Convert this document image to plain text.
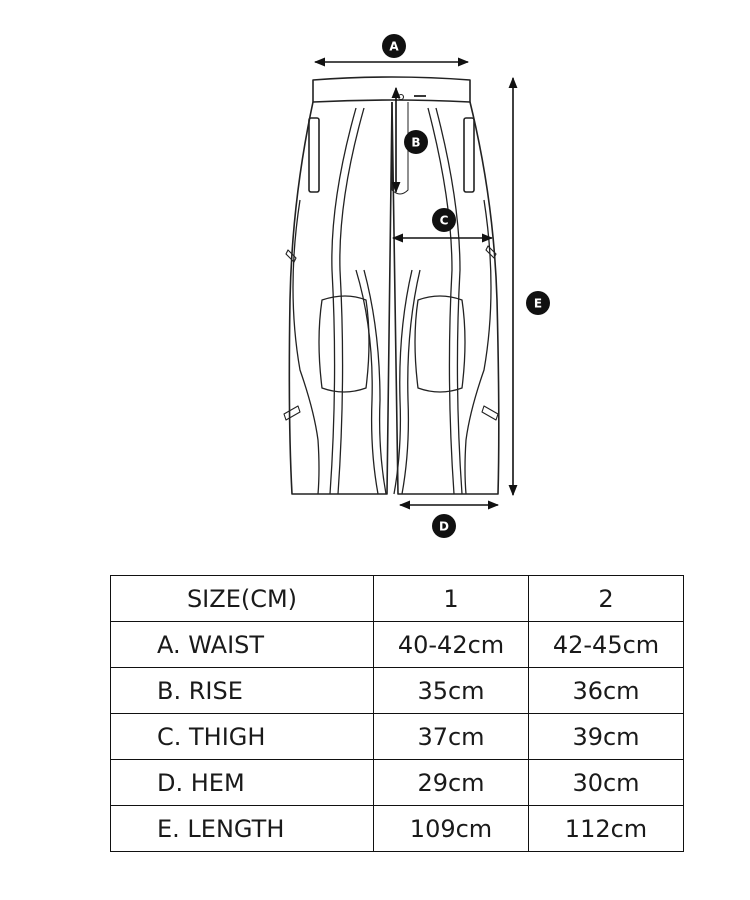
A
B
C
D
E
SIZE(CM)	1	2
A. WAIST	40-42cm	42-45cm
B. RISE	35cm	36cm
C. THIGH	37cm	39cm
D. HEM	29cm	30cm
E. LENGTH	109cm	112cm
